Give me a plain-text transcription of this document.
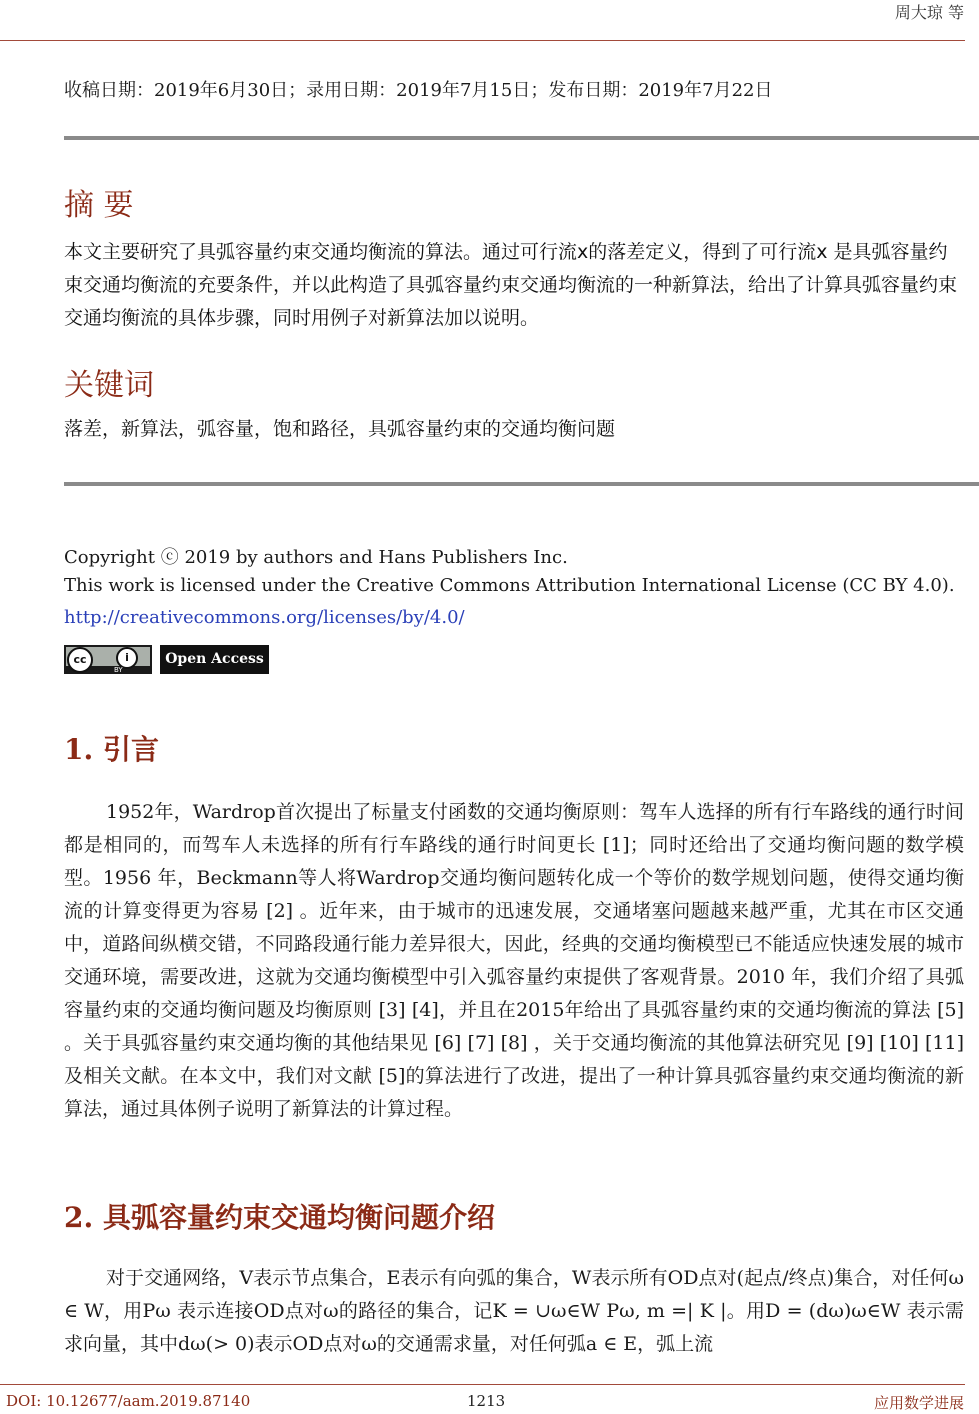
周大琼 等
收稿日期：2019年6月30日；录用日期：2019年7月15日；发布日期：2019年7月22日
摘 要
本文主要研究了具弧容量约束交通均衡流的算法。通过可行流x的落差定义，得到了可行流x 是具弧容量约束交通均衡流的充要条件，并以此构造了具弧容量约束交通均衡流的一种新算法，给出了计算具弧容量约束交通均衡流的具体步骤，同时用例子对新算法加以说明。
关键词
落差，新算法，弧容量，饱和路径，具弧容量约束的交通均衡问题
Copyright ⓒ 2019 by authors and Hans Publishers Inc.
This work is licensed under the Creative Commons Attribution International License (CC BY 4.0).
http://creativecommons.org/licenses/by/4.0/
cc	i
BY
Open Access
1. 引言

1952年，Wardrop首次提出了标量支付函数的交通均衡原则：驾车人选择的所有行车路线的通行时间都是相同的，而驾车人未选择的所有行车路线的通行时间更长 [1]；同时还给出了交通均衡问题的数学模型。1956 年，Beckmann等人将Wardrop交通均衡问题转化成一个等价的数学规划问题，使得交通均衡流的计算变得更为容易 [2] 。近年来，由于城市的迅速发展，交通堵塞问题越来越严重，尤其在市区交通中，道路间纵横交错，不同路段通行能力差异很大，因此，经典的交通均衡模型已不能适应快速发展的城市交通环境，需要改进，这就为交通均衡模型中引入弧容量约束提供了客观背景。2010 年，我们介绍了具弧容量约束的交通均衡问题及均衡原则 [3] [4]，并且在2015年给出了具弧容量约束的交通均衡流的算法 [5] 。关于具弧容量约束交通均衡的其他结果见 [6] [7] [8] ，关于交通均衡流的其他算法研究见 [9] [10] [11]及相关文献。在本文中，我们对文献 [5]的算法进行了改进，提出了一种计算具弧容量约束交通均衡流的新算法，通过具体例子说明了新算法的计算过程。

2. 具弧容量约束交通均衡问题介绍

对于交通网络，V表示节点集合，E表示有向弧的集合，W表示所有OD点对(起点/终点)集合，对任何ω ∈ W，用Pω 表示连接OD点对ω的路径的集合，记K = ∪ω∈W Pω, m =| K |。用D = (dω)ω∈W 表示需求向量，其中dω(> 0)表示OD点对ω的交通需求量，对任何弧a ∈ E，弧上流

DOI: 10.12677/aam.2019.87140	1213	应用数学进展
